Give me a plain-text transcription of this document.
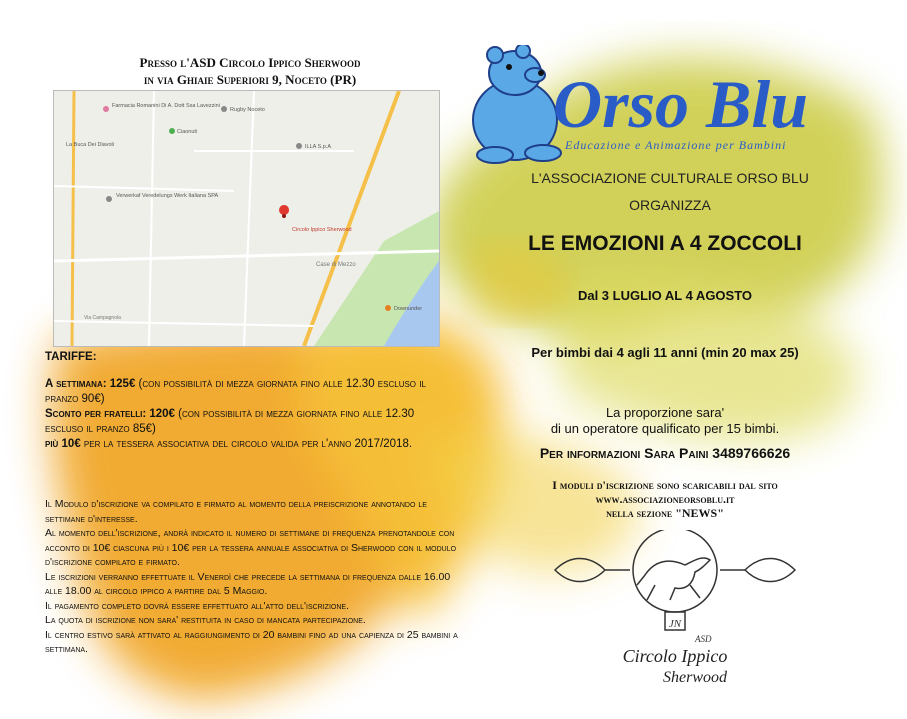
Presso l'ASD Circolo Ippico Sherwood
in via Ghiaie Superiori 9, Noceto (PR)
Farmacia Romanini Di A. Dott Ssa Lavezzini
Rugby Noceto
Ciaonuti
ILLA S.p.A
La Buca Dei Diavoli
Verwerkaf Veredelungs Werk Italiana SPA
Circolo Ippico Sherwood
Case di Mezzo
Downunder
Via Campagnola
TARIFFE:
A settimana: 125€ (con possibilità di mezza giornata fino alle 12.30 escluso il pranzo 90€)
Sconto per fratelli: 120€ (con possibilità di mezza giornata fino alle 12.30 escluso il pranzo 85€)
più 10€ per la tessera associativa del circolo valida per l'anno 2017/2018.
Il Modulo d'iscrizione va compilato e firmato al momento della preiscrizione annotando le settimane d'interesse.
Al momento dell'iscrizione, andrà indicato il numero di settimane di frequenza prenotandole con acconto di 10€ ciascuna più i 10€ per la tessera annuale associativa di Sherwood con il modulo d'iscrizione compilato e firmato.
Le iscrizioni verranno effettuate il Venerdì che precede la settimana di frequenza dalle 16.00 alle 18.00 al circolo ippico a partire dal 5 Maggio.
Il pagamento completo dovrà essere effettuato all'atto dell'iscrizione.
La quota di iscrizione non sara' restituita in caso di mancata partecipazione.
Il centro estivo sarà attivato al raggiungimento di 20 bambini fino ad una capienza di 25 bambini a settimana.
Orso Blu
Educazione e Animazione per Bambini
L'ASSOCIAZIONE CULTURALE ORSO BLU
ORGANIZZA
LE EMOZIONI A 4 ZOCCOLI
Dal 3 LUGLIO AL 4 AGOSTO
Per bimbi dai 4 agli 11 anni (min 20 max 25)
La proporzione sara'
di un operatore qualificato per 15 bimbi.
Per informazioni Sara Paini 3489766626
I moduli d'iscrizione sono scaricabili dal sito
www.associazioneorsoblu.it
nella sezione "NEWS"
JN
ASD
Circolo Ippico
Sherwood
